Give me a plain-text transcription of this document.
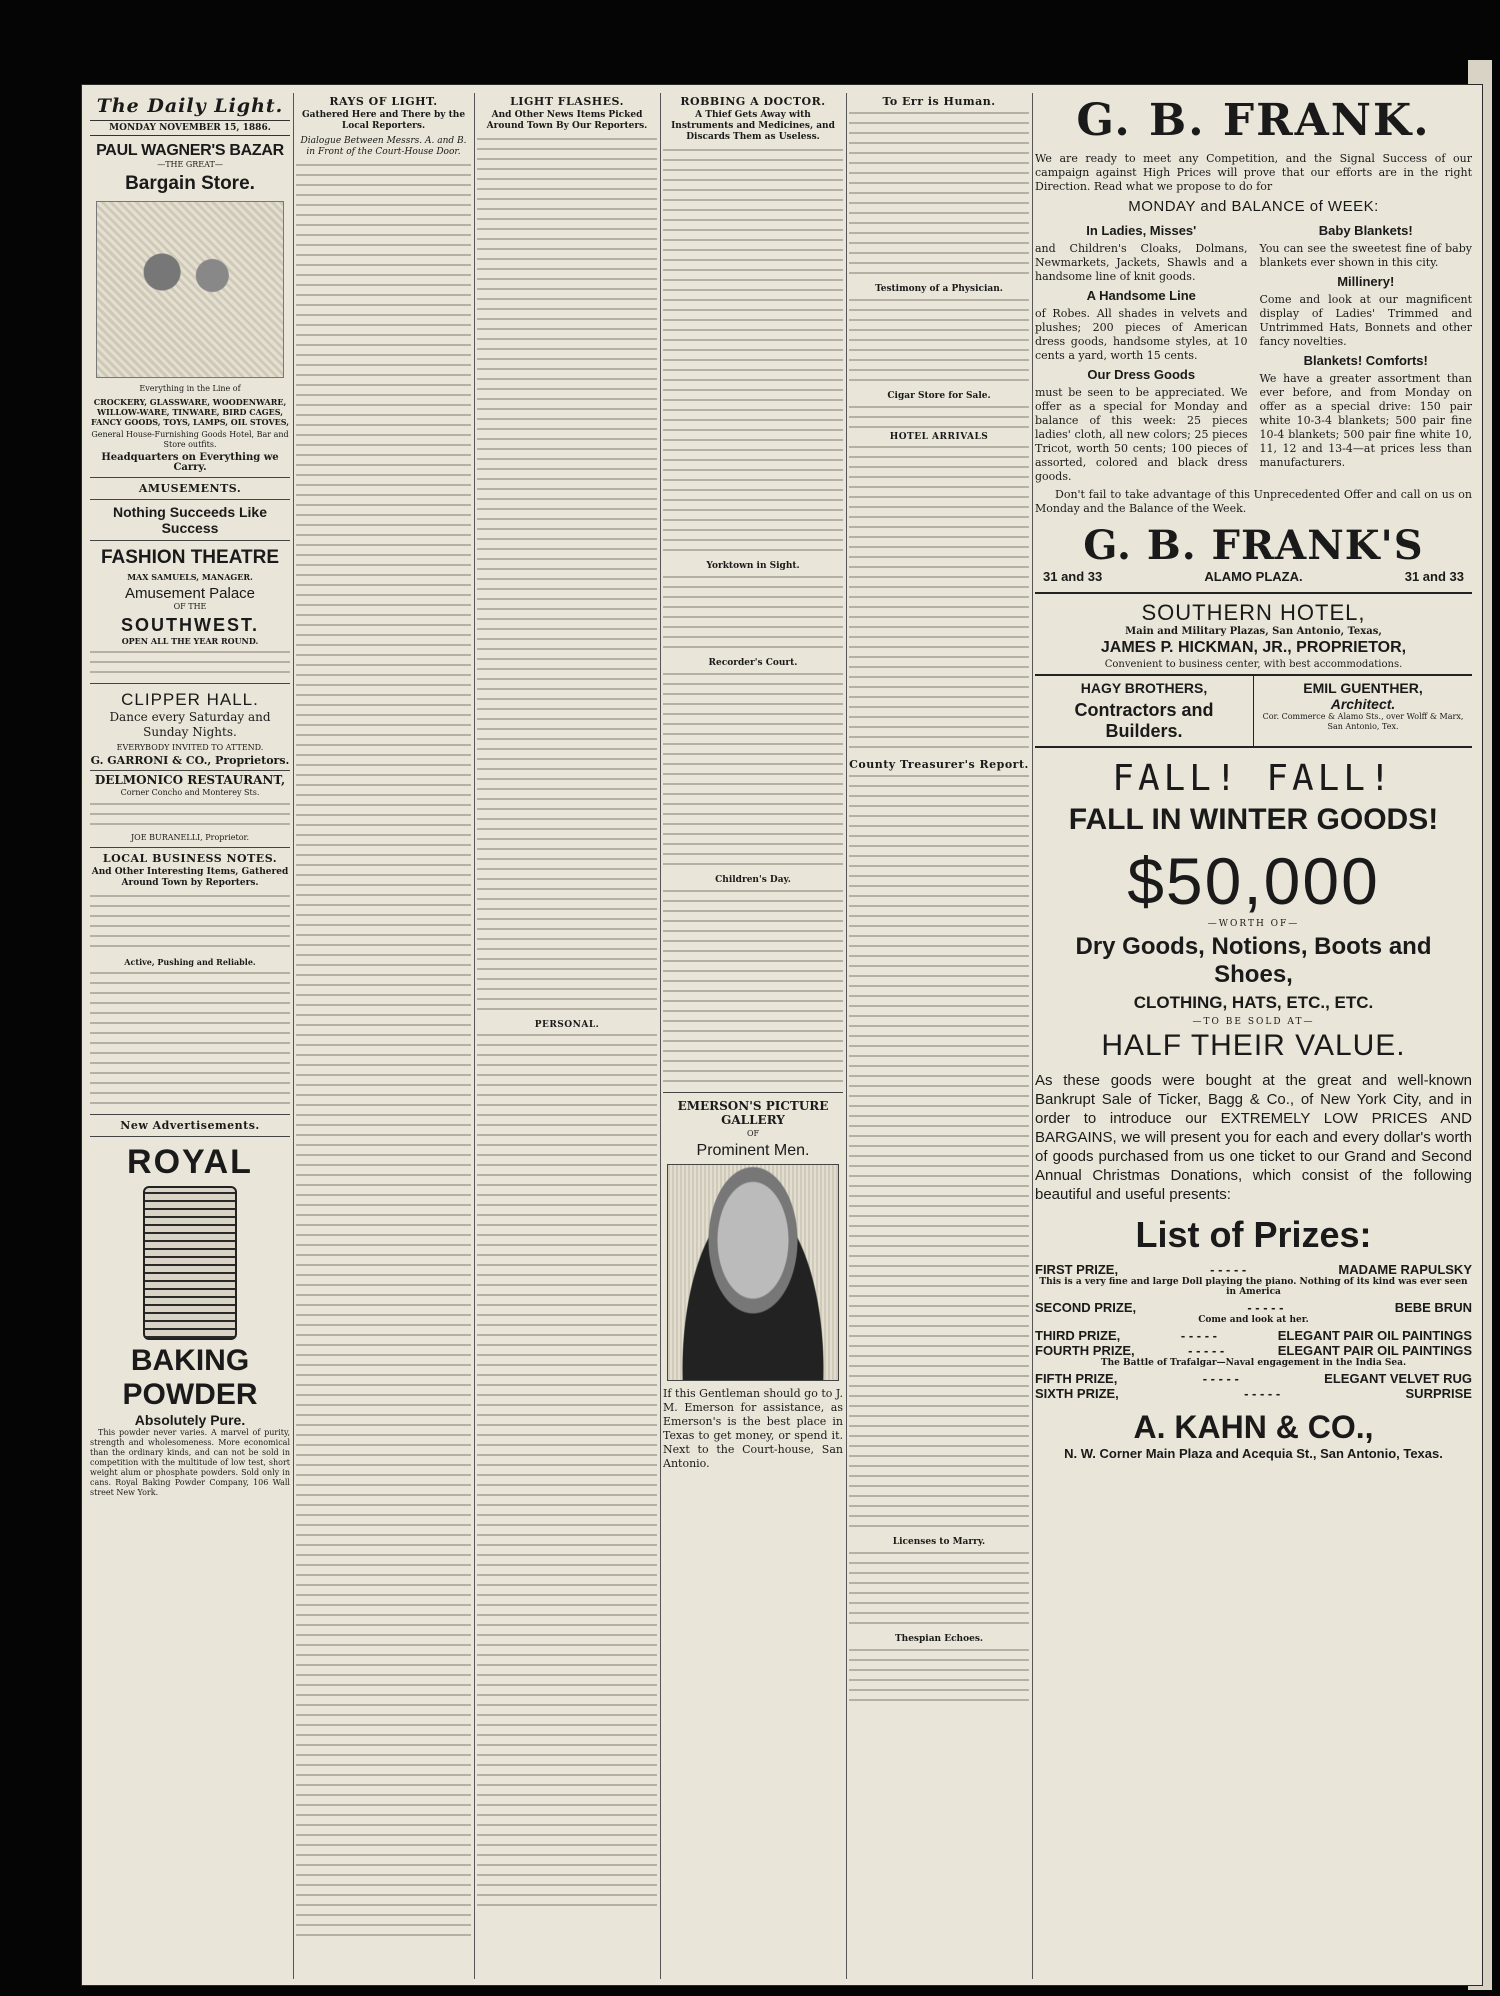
The Daily Light.
MONDAY NOVEMBER 15, 1886.
PAUL WAGNER'S BAZAR
—THE GREAT—
Bargain Store.
Everything in the Line of
CROCKERY, GLASSWARE, WOODENWARE, WILLOW-WARE, TINWARE, BIRD CAGES, FANCY GOODS, TOYS, LAMPS, OIL STOVES,
General House-Furnishing Goods Hotel, Bar and Store outfits.
Headquarters on Everything we Carry.
AMUSEMENTS.
Nothing Succeeds Like Success
FASHION THEATRE
MAX SAMUELS, MANAGER.
Amusement Palace
OF THE
SOUTHWEST.
OPEN ALL THE YEAR ROUND.
CLIPPER HALL.
Dance every Saturday and Sunday Nights.
EVERYBODY INVITED TO ATTEND.
G. GARRONI & CO., Proprietors.
DELMONICO RESTAURANT,
Corner Concho and Monterey Sts.
JOE BURANELLI, Proprietor.
LOCAL BUSINESS NOTES.
And Other Interesting Items, Gathered Around Town by Reporters.
Active, Pushing and Reliable.
New Advertisements.
ROYAL
BAKING POWDER
Absolutely Pure.
This powder never varies. A marvel of purity, strength and wholesomeness. More economical than the ordinary kinds, and can not be sold in competition with the multitude of low test, short weight alum or phosphate powders. Sold only in cans. Royal Baking Powder Company, 106 Wall street New York.
RAYS OF LIGHT.
Gathered Here and There by the Local Reporters.
Dialogue Between Messrs. A. and B. in Front of the Court-House Door.
LIGHT FLASHES.
And Other News Items Picked Around Town By Our Reporters.
PERSONAL.
ROBBING A DOCTOR.
A Thief Gets Away with Instruments and Medicines, and Discards Them as Useless.
Yorktown in Sight.
Recorder's Court.
Children's Day.
EMERSON'S PICTURE GALLERY
OF
Prominent Men.
If this Gentleman should go to J. M. Emerson for assistance, as Emerson's is the best place in Texas to get money, or spend it. Next to the Court-house, San Antonio.
To Err is Human.
Testimony of a Physician.
Cigar Store for Sale.
HOTEL ARRIVALS
County Treasurer's Report.
Licenses to Marry.
Thespian Echoes.
G. B. FRANK.
We are ready to meet any Competition, and the Signal Success of our campaign against High Prices will prove that our efforts are in the right Direction. Read what we propose to do for
MONDAY and BALANCE of WEEK:
In Ladies, Misses'
and Children's Cloaks, Dolmans, Newmarkets, Jackets, Shawls and a handsome line of knit goods.
A Handsome Line
of Robes. All shades in velvets and plushes; 200 pieces of American dress goods, handsome styles, at 10 cents a yard, worth 15 cents.
Our Dress Goods
must be seen to be appreciated. We offer as a special for Monday and balance of this week: 25 pieces ladies' cloth, all new colors; 25 pieces Tricot, worth 50 cents; 100 pieces of assorted, colored and black dress goods.
Baby Blankets!
You can see the sweetest fine of baby blankets ever shown in this city.
Millinery!
Come and look at our magnificent display of Ladies' Trimmed and Untrimmed Hats, Bonnets and other fancy novelties.
Blankets! Comforts!
We have a greater assortment than ever before, and from Monday on offer as a special drive: 150 pair white 10-3-4 blankets; 500 pair fine 10-4 blankets; 500 pair fine white 10, 11, 12 and 13-4—at prices less than manufacturers.
Don't fail to take advantage of this Unprecedented Offer and call on us on Monday and the Balance of the Week.
G. B. FRANK'S
31 and 33	ALAMO PLAZA.	31 and 33
SOUTHERN HOTEL,
Main and Military Plazas, San Antonio, Texas,
JAMES P. HICKMAN, JR., PROPRIETOR,
Convenient to business center, with best accommodations.
HAGY BROTHERS,
Contractors and Builders.
EMIL GUENTHER,
Architect.
Cor. Commerce & Alamo Sts., over Wolff & Marx, San Antonio, Tex.
FALL! FALL!
FALL IN WINTER GOODS!
$50,000
—WORTH OF—
Dry Goods, Notions, Boots and Shoes,
CLOTHING, HATS, ETC., ETC.
—TO BE SOLD AT—
HALF THEIR VALUE.
As these goods were bought at the great and well-known Bankrupt Sale of Ticker, Bagg & Co., of New York City, and in order to introduce our EXTREMELY LOW PRICES AND BARGAINS, we will present you for each and every dollar's worth of goods purchased from us one ticket to our Grand and Second Annual Christmas Donations, which consist of the following beautiful and useful presents:
List of Prizes:
FIRST PRIZE,	- - - - -	MADAME RAPULSKY
This is a very fine and large Doll playing the piano. Nothing of its kind was ever seen in America
SECOND PRIZE,	- - - - -	BEBE BRUN
Come and look at her.
THIRD PRIZE,	- - - - -	ELEGANT PAIR OIL PAINTINGS
FOURTH PRIZE,	- - - - -	ELEGANT PAIR OIL PAINTINGS
The Battle of Trafalgar—Naval engagement in the India Sea.
FIFTH PRIZE,	- - - - -	ELEGANT VELVET RUG
SIXTH PRIZE,	- - - - -	SURPRISE
A. KAHN & CO.,
N. W. Corner Main Plaza and Acequia St., San Antonio, Texas.
